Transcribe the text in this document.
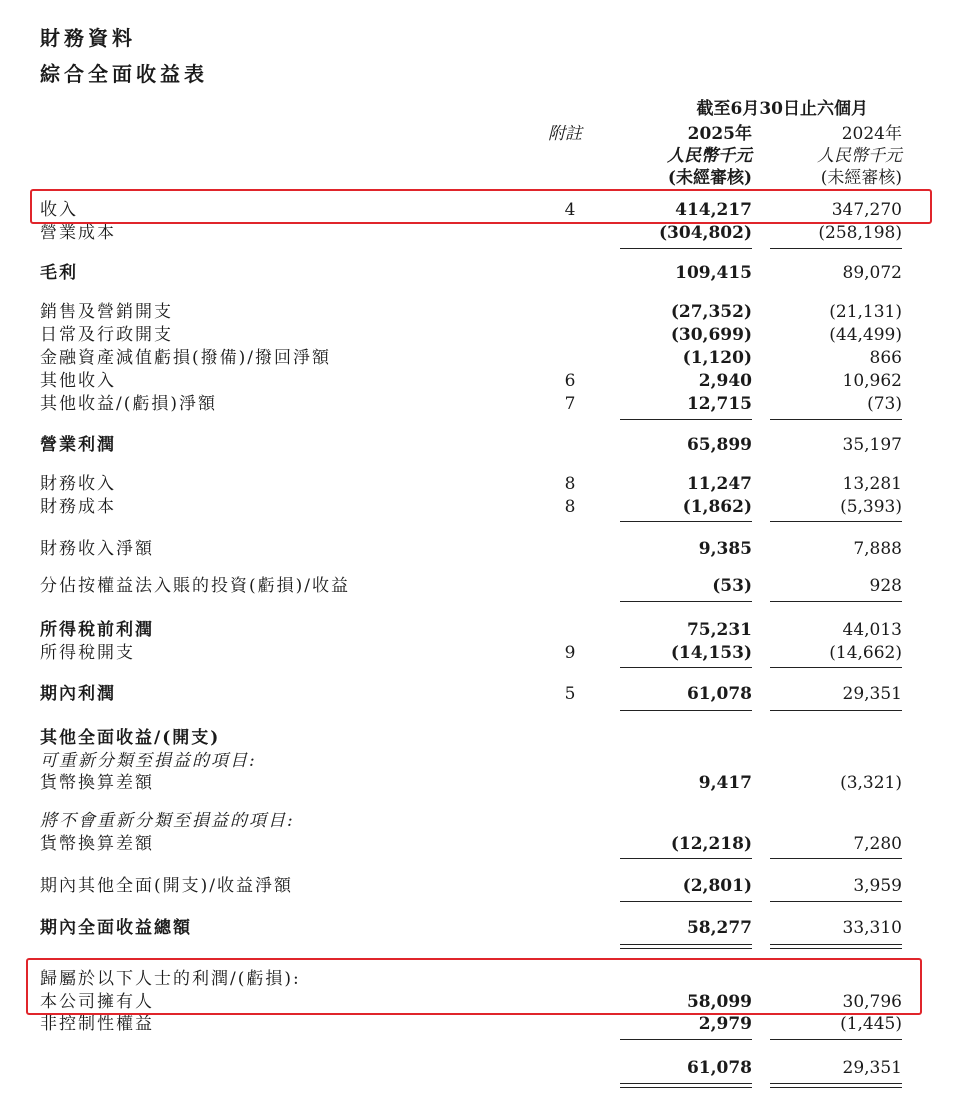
財務資料
綜合全面收益表
截至6月30日止六個月
附註	2025年
人民幣千元
(未經審核)
2024年
人民幣千元
(未經審核)
收入	4	414,217	347,270
營業成本	(304,802)	(258,198)
毛利	109,415	89,072
銷售及營銷開支	(27,352)	(21,131)
日常及行政開支	(30,699)	(44,499)
金融資產減值虧損(撥備)/撥回淨額	(1,120)	866
其他收入	6	2,940	10,962
其他收益/(虧損)淨額	7	12,715	(73)
營業利潤	65,899	35,197
財務收入	8	11,247	13,281
財務成本	8	(1,862)	(5,393)
財務收入淨額	9,385	7,888
分佔按權益法入賬的投資(虧損)/收益	(53)	928
所得稅前利潤	75,231	44,013
所得稅開支	9	(14,153)	(14,662)
期內利潤	5	61,078	29,351
其他全面收益/(開支)
可重新分類至損益的項目:
貨幣換算差額	9,417	(3,321)
將不會重新分類至損益的項目:
貨幣換算差額	(12,218)	7,280
期內其他全面(開支)/收益淨額	(2,801)	3,959
期內全面收益總額	58,277	33,310
歸屬於以下人士的利潤/(虧損):
本公司擁有人	58,099	30,796
非控制性權益	2,979	(1,445)
61,078	29,351
